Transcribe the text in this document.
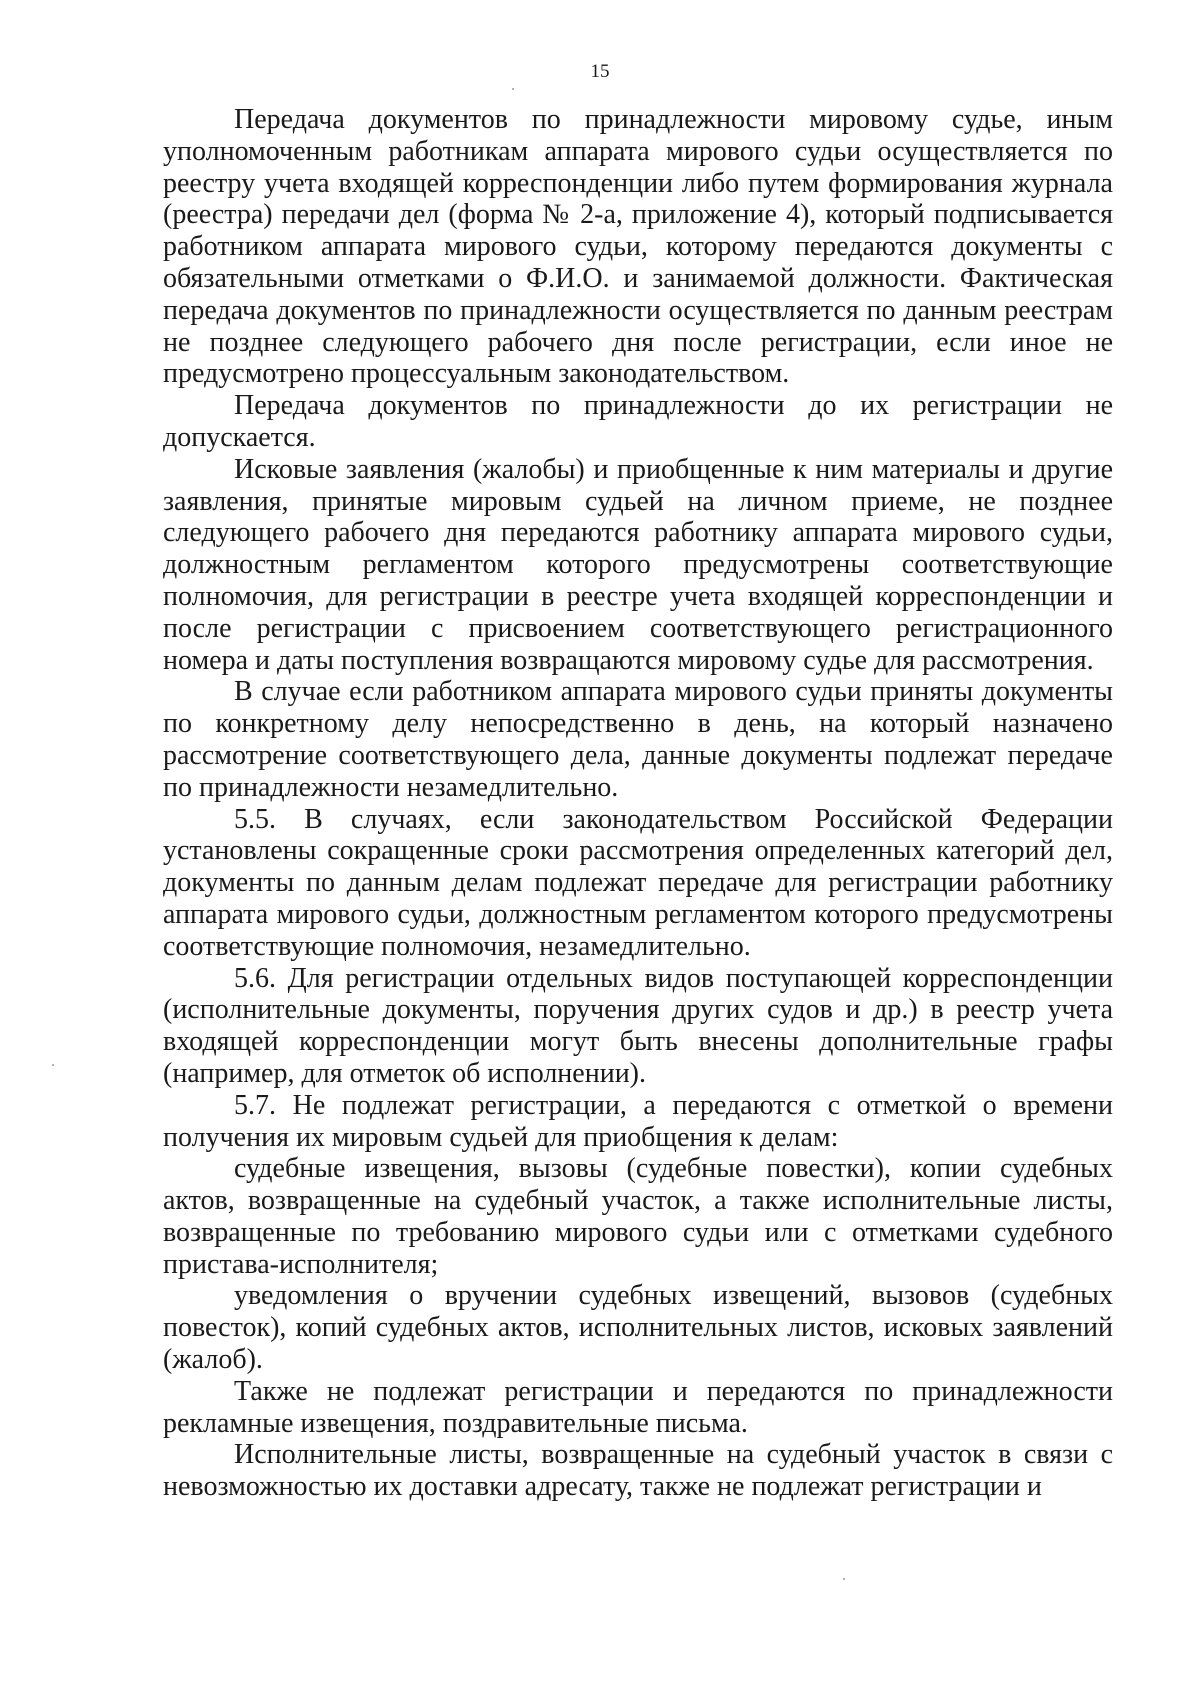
15

Передача документов по принадлежности мировому судье, иным уполномоченным работникам аппарата мирового судьи осуществляется по реестру учета входящей корреспонденции либо путем формирования журнала (реестра) передачи дел (форма № 2-а, приложение 4), который подписывается работником аппарата мирового судьи, которому передаются документы с обязательными отметками о Ф.И.О. и занимаемой должности. Фактическая передача документов по принадлежности осуществляется по данным реестрам не позднее следующего рабочего дня после регистрации, если иное не предусмотрено процессуальным законодательством.

Передача документов по принадлежности до их регистрации не допускается.

Исковые заявления (жалобы) и приобщенные к ним материалы и другие заявления, принятые мировым судьей на личном приеме, не позднее следующего рабочего дня передаются работнику аппарата мирового судьи, должностным регламентом которого предусмотрены соответствующие полномочия, для регистрации в реестре учета входящей корреспонденции и после регистрации с присвоением соответствующего регистрационного номера и даты поступления возвращаются мировому судье для рассмотрения.

В случае если работником аппарата мирового судьи приняты документы по конкретному делу непосредственно в день, на который назначено рассмотрение соответствующего дела, данные документы подлежат передаче по принадлежности незамедлительно.

5.5. В случаях, если законодательством Российской Федерации установлены сокращенные сроки рассмотрения определенных категорий дел, документы по данным делам подлежат передаче для регистрации работнику аппарата мирового судьи, должностным регламентом которого предусмотрены соответствующие полномочия, незамедлительно.

5.6. Для регистрации отдельных видов поступающей корреспонденции (исполнительные документы, поручения других судов и др.) в реестр учета входящей корреспонденции могут быть внесены дополнительные графы (например, для отметок об исполнении).

5.7. Не подлежат регистрации, а передаются с отметкой о времени получения их мировым судьей для приобщения к делам:

судебные извещения, вызовы (судебные повестки), копии судебных актов, возвращенные на судебный участок, а также исполнительные листы, возвращенные по требованию мирового судьи или с отметками судебного пристава-исполнителя;

уведомления о вручении судебных извещений, вызовов (судебных повесток), копий судебных актов, исполнительных листов, исковых заявлений (жалоб).

Также не подлежат регистрации и передаются по принадлежности рекламные извещения, поздравительные письма.

Исполнительные листы, возвращенные на судебный участок в связи с невозможностью их доставки адресату, также не подлежат регистрации и
